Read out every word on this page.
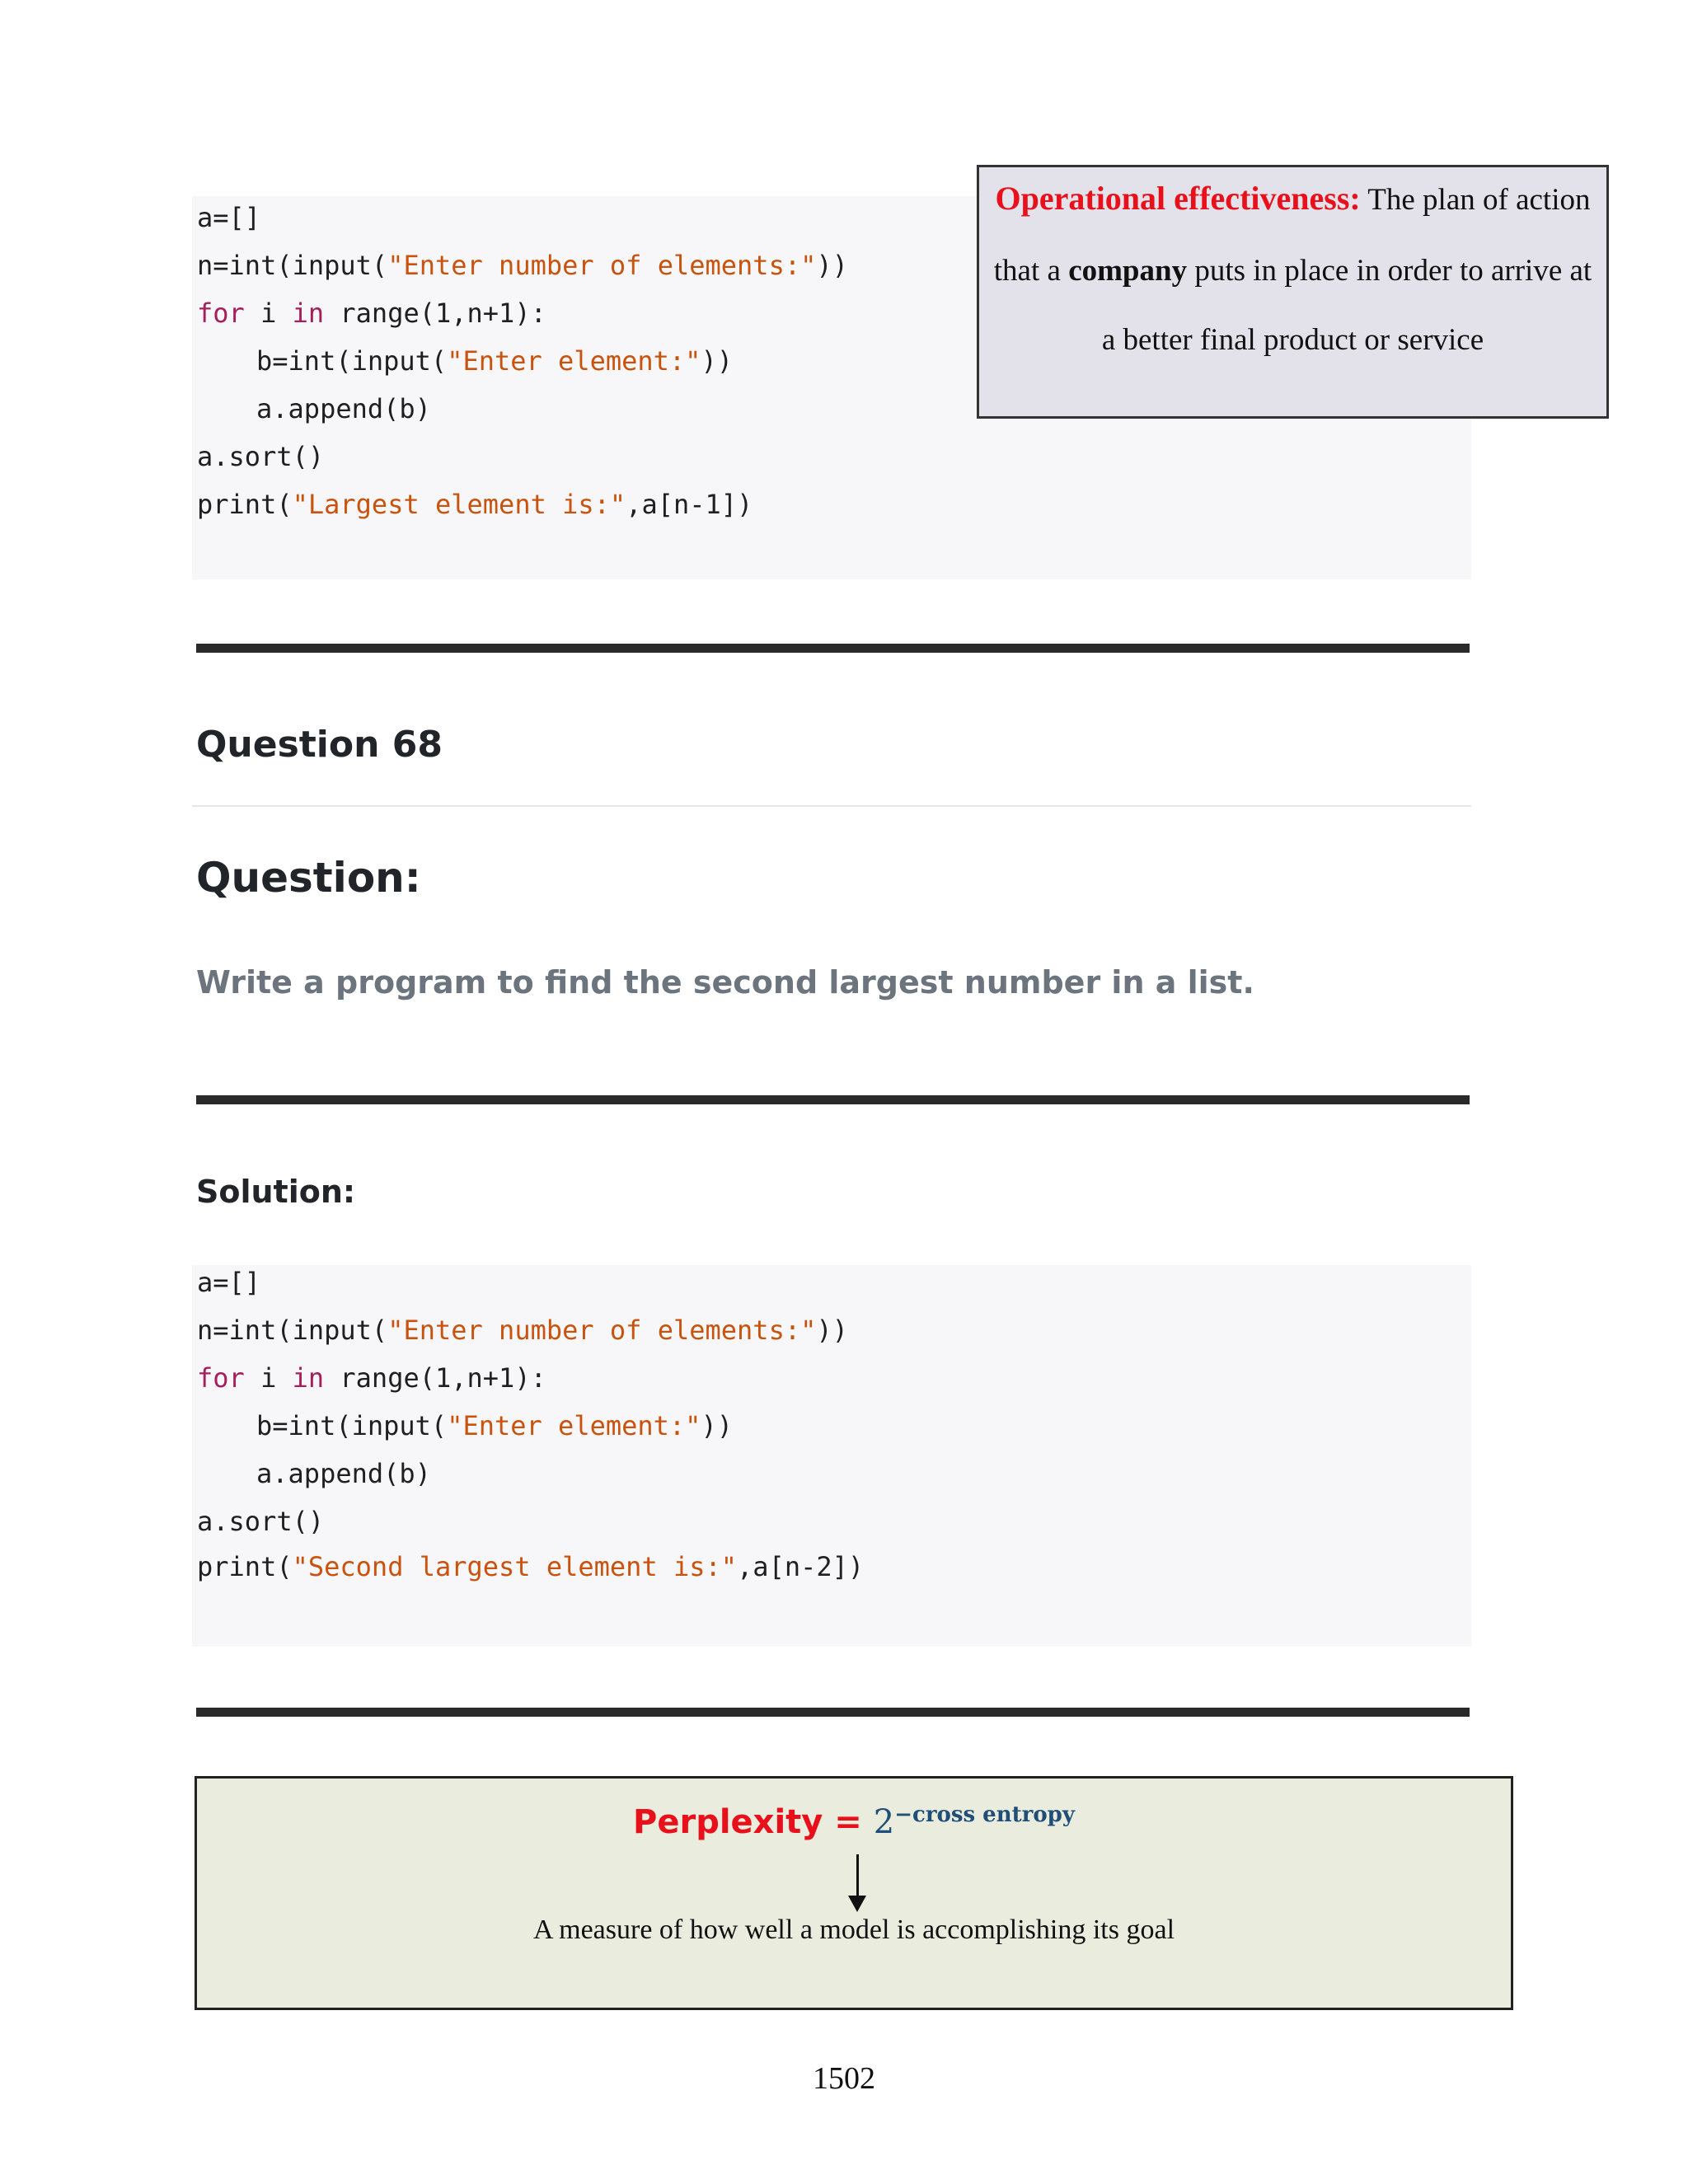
a=[]
n=int(input("Enter number of elements:"))
for i in range(1,n+1):
b=int(input("Enter element:"))
a.append(b)
a.sort()
print("Largest element is:",a[n-1])
Operational effectiveness: The plan of action
that a company puts in place in order to arrive at
a better final product or service
Question 68
Question:
Write a program to find the second largest number in a list.
Solution:
a=[]
n=int(input("Enter number of elements:"))
for i in range(1,n+1):
b=int(input("Enter element:"))
a.append(b)
a.sort()
print("Second largest element is:",a[n-2])
Perplexity = $2^{-cross entropy}$
A measure of how well a model is accomplishing its goal
1502
